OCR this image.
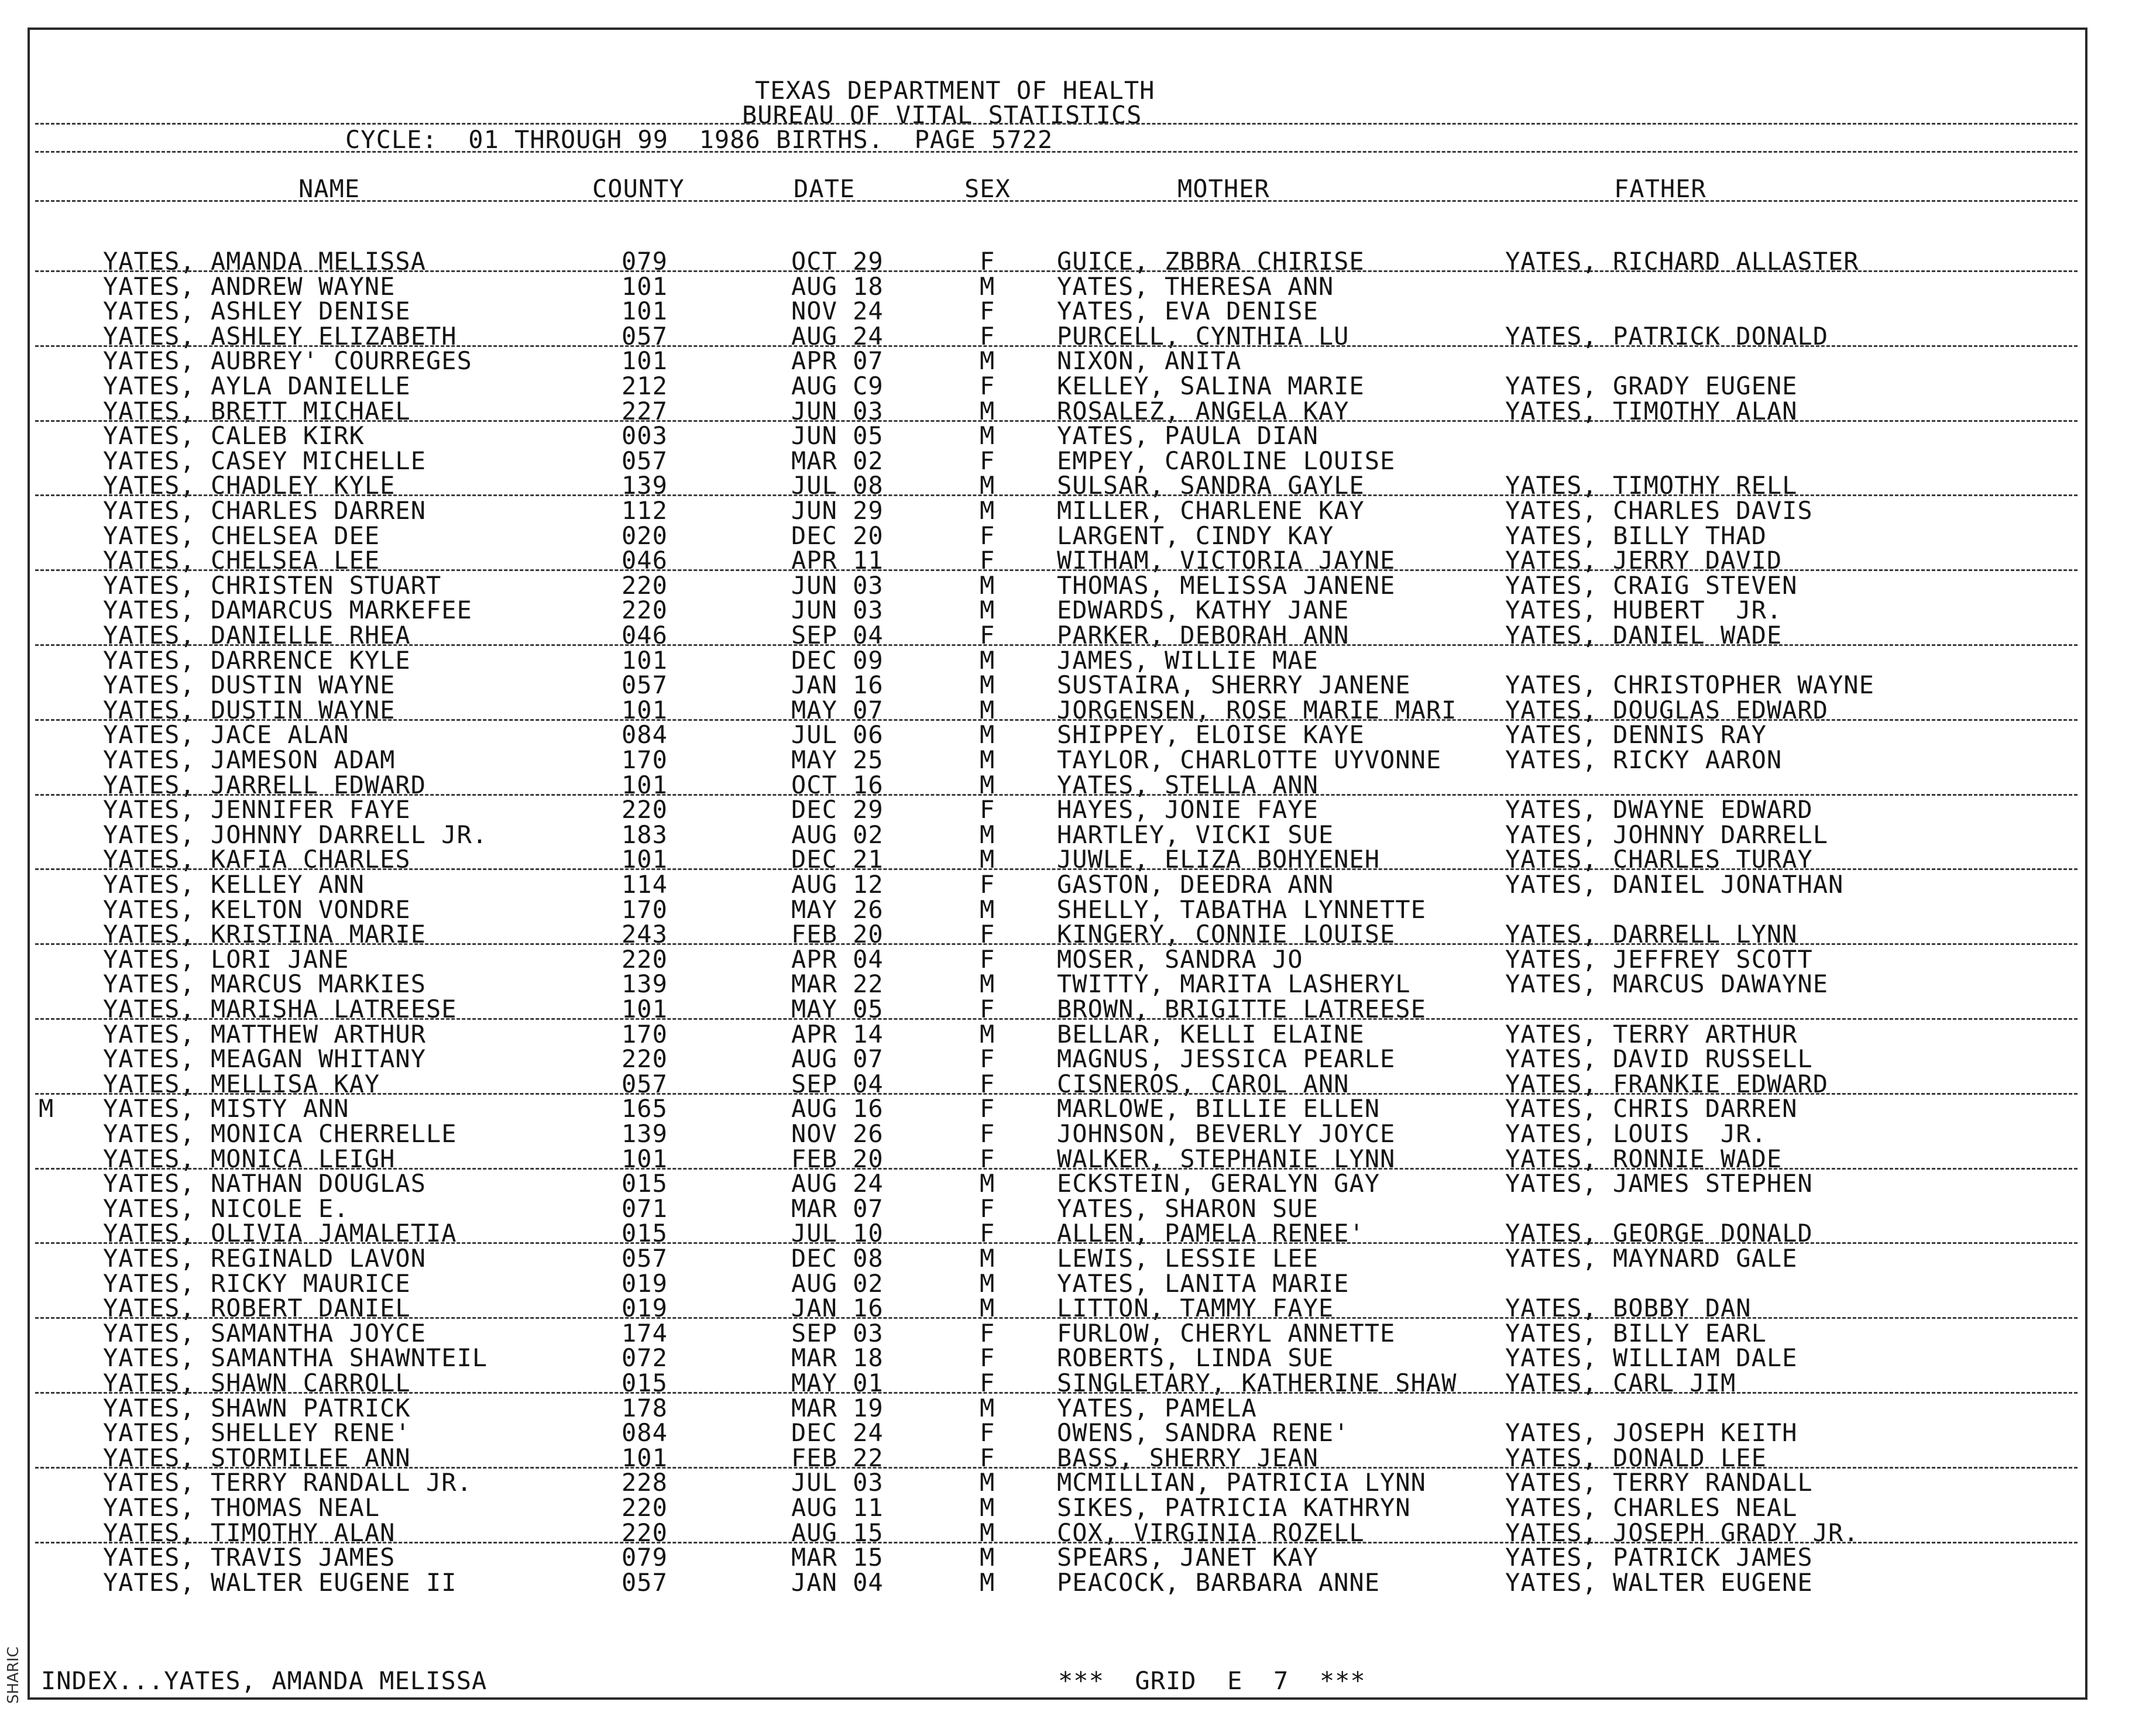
TEXAS DEPARTMENT OF HEALTH
BUREAU OF VITAL STATISTICS
CYCLE:  01 THROUGH 99  1986 BIRTHS.  PAGE 5722
NAME	COUNTY	DATE	SEX	MOTHER	FATHER
YATES, AMANDA MELISSA	079	OCT 29	F	GUICE, ZBBRA CHIRISE	YATES, RICHARD ALLASTER
YATES, ANDREW WAYNE	101	AUG 18	M	YATES, THERESA ANN
YATES, ASHLEY DENISE	101	NOV 24	F	YATES, EVA DENISE
YATES, ASHLEY ELIZABETH	057	AUG 24	F	PURCELL, CYNTHIA LU	YATES, PATRICK DONALD
YATES, AUBREY' COURREGES	101	APR 07	M	NIXON, ANITA
YATES, AYLA DANIELLE	212	AUG C9	F	KELLEY, SALINA MARIE	YATES, GRADY EUGENE
YATES, BRETT MICHAEL	227	JUN 03	M	ROSALEZ, ANGELA KAY	YATES, TIMOTHY ALAN
YATES, CALEB KIRK	003	JUN 05	M	YATES, PAULA DIAN
YATES, CASEY MICHELLE	057	MAR 02	F	EMPEY, CAROLINE LOUISE
YATES, CHADLEY KYLE	139	JUL 08	M	SULSAR, SANDRA GAYLE	YATES, TIMOTHY RELL
YATES, CHARLES DARREN	112	JUN 29	M	MILLER, CHARLENE KAY	YATES, CHARLES DAVIS
YATES, CHELSEA DEE	020	DEC 20	F	LARGENT, CINDY KAY	YATES, BILLY THAD
YATES, CHELSEA LEE	046	APR 11	F	WITHAM, VICTORIA JAYNE	YATES, JERRY DAVID
YATES, CHRISTEN STUART	220	JUN 03	M	THOMAS, MELISSA JANENE	YATES, CRAIG STEVEN
YATES, DAMARCUS MARKEFEE	220	JUN 03	M	EDWARDS, KATHY JANE	YATES, HUBERT  JR.
YATES, DANIELLE RHEA	046	SEP 04	F	PARKER, DEBORAH ANN	YATES, DANIEL WADE
YATES, DARRENCE KYLE	101	DEC 09	M	JAMES, WILLIE MAE
YATES, DUSTIN WAYNE	057	JAN 16	M	SUSTAIRA, SHERRY JANENE	YATES, CHRISTOPHER WAYNE
YATES, DUSTIN WAYNE	101	MAY 07	M	JORGENSEN, ROSE MARIE MARI YATES, DOUGLAS EDWARD
YATES, JACE ALAN	084	JUL 06	M	SHIPPEY, ELOISE KAYE	YATES, DENNIS RAY
YATES, JAMESON ADAM	170	MAY 25	M	TAYLOR, CHARLOTTE UYVONNE	YATES, RICKY AARON
YATES, JARRELL EDWARD	101	OCT 16	M	YATES, STELLA ANN
YATES, JENNIFER FAYE	220	DEC 29	F	HAYES, JONIE FAYE	YATES, DWAYNE EDWARD
YATES, JOHNNY DARRELL JR.	183	AUG 02	M	HARTLEY, VICKI SUE	YATES, JOHNNY DARRELL
YATES, KAFIA CHARLES	101	DEC 21	M	JUWLE, ELIZA BOHYENEH	YATES, CHARLES TURAY
YATES, KELLEY ANN	114	AUG 12	F	GASTON, DEEDRA ANN	YATES, DANIEL JONATHAN
YATES, KELTON VONDRE	170	MAY 26	M	SHELLY, TABATHA LYNNETTE
YATES, KRISTINA MARIE	243	FEB 20	F	KINGERY, CONNIE LOUISE	YATES, DARRELL LYNN
YATES, LORI JANE	220	APR 04	F	MOSER, SANDRA JO	YATES, JEFFREY SCOTT
YATES, MARCUS MARKIES	139	MAR 22	M	TWITTY, MARITA LASHERYL	YATES, MARCUS DAWAYNE
YATES, MARISHA LATREESE	101	MAY 05	F	BROWN, BRIGITTE LATREESE
YATES, MATTHEW ARTHUR	170	APR 14	M	BELLAR, KELLI ELAINE	YATES, TERRY ARTHUR
YATES, MEAGAN WHITANY	220	AUG 07	F	MAGNUS, JESSICA PEARLE	YATES, DAVID RUSSELL
YATES, MELLISA KAY	057	SEP 04	F	CISNEROS, CAROL ANN	YATES, FRANKIE EDWARD
M YATES, MISTY ANN	165	AUG 16	F	MARLOWE, BILLIE ELLEN	YATES, CHRIS DARREN
YATES, MONICA CHERRELLE	139	NOV 26	F	JOHNSON, BEVERLY JOYCE	YATES, LOUIS  JR.
YATES, MONICA LEIGH	101	FEB 20	F	WALKER, STEPHANIE LYNN	YATES, RONNIE WADE
YATES, NATHAN DOUGLAS	015	AUG 24	M	ECKSTEIN, GERALYN GAY	YATES, JAMES STEPHEN
YATES, NICOLE E.	071	MAR 07	F	YATES, SHARON SUE
YATES, OLIVIA JAMALETIA	015	JUL 10	F	ALLEN, PAMELA RENEE'	YATES, GEORGE DONALD
YATES, REGINALD LAVON	057	DEC 08	M	LEWIS, LESSIE LEE	YATES, MAYNARD GALE
YATES, RICKY MAURICE	019	AUG 02	M	YATES, LANITA MARIE
YATES, ROBERT DANIEL	019	JAN 16	M	LITTON, TAMMY FAYE	YATES, BOBBY DAN
YATES, SAMANTHA JOYCE	174	SEP 03	F	FURLOW, CHERYL ANNETTE	YATES, BILLY EARL
YATES, SAMANTHA SHAWNTEIL	072	MAR 18	F	ROBERTS, LINDA SUE	YATES, WILLIAM DALE
YATES, SHAWN CARROLL	015	MAY 01	F	SINGLETARY, KATHERINE SHAW YATES, CARL JIM
YATES, SHAWN PATRICK	178	MAR 19	M	YATES, PAMELA
YATES, SHELLEY RENE'	084	DEC 24	F	OWENS, SANDRA RENE'	YATES, JOSEPH KEITH
YATES, STORMILEE ANN	101	FEB 22	F	BASS, SHERRY JEAN	YATES, DONALD LEE
YATES, TERRY RANDALL JR.	228	JUL 03	M	MCMILLIAN, PATRICIA LYNN	YATES, TERRY RANDALL
YATES, THOMAS NEAL	220	AUG 11	M	SIKES, PATRICIA KATHRYN	YATES, CHARLES NEAL
YATES, TIMOTHY ALAN	220	AUG 15	M	COX, VIRGINIA ROZELL	YATES, JOSEPH GRADY JR.
YATES, TRAVIS JAMES	079	MAR 15	M	SPEARS, JANET KAY	YATES, PATRICK JAMES
YATES, WALTER EUGENE II	057	JAN 04	M	PEACOCK, BARBARA ANNE	YATES, WALTER EUGENE
INDEX...YATES, AMANDA MELISSA	***  GRID  E  7  ***
SHARIC
